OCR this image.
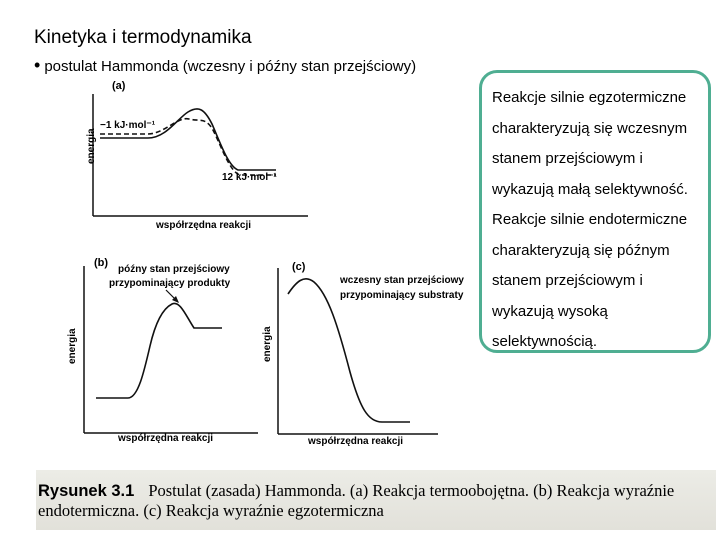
Kinetyka i termodynamika
• postulat Hammonda (wczesny i późny stan przejściowy)
(a)
energia
współrzędna reakcji
−1 kJ·mol⁻¹
12 kJ·mol⁻¹
(b)
energia
współrzędna reakcji
późny stan przejściowy
przypominający produkty
(c)
energia
współrzędna reakcji
wczesny stan przejściowy
przypominający substraty
Reakcje silnie egzotermiczne
charakteryzują się wczesnym
stanem przejściowym i
wykazują małą selektywność.
Reakcje silnie endotermiczne
charakteryzują się późnym
stanem przejściowym i
wykazują wysoką
selektywnością.
Rysunek 3.1 Postulat (zasada) Hammonda. (a) Reakcja termoobojętna. (b) Reakcja wyraźnie
endotermiczna. (c) Reakcja wyraźnie egzotermiczna
